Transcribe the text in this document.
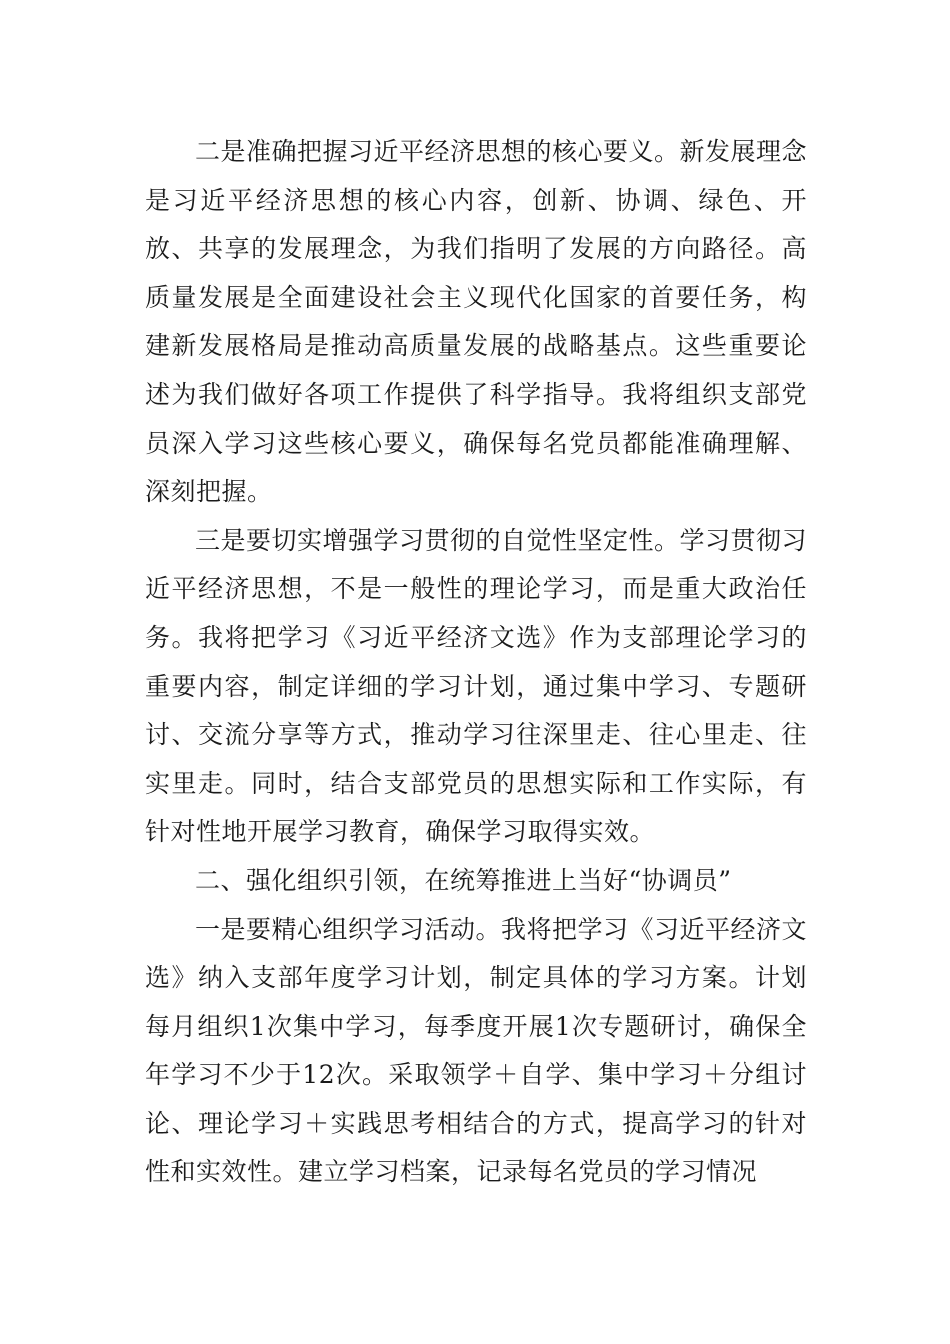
二是准确把握习近平经济思想的核心要义。新发展理念是习近平经济思想的核心内容，创新、协调、绿色、开放、共享的发展理念，为我们指明了发展的方向路径。高质量发展是全面建设社会主义现代化国家的首要任务，构建新发展格局是推动高质量发展的战略基点。这些重要论述为我们做好各项工作提供了科学指导。我将组织支部党员深入学习这些核心要义，确保每名党员都能准确理解、深刻把握。

三是要切实增强学习贯彻的自觉性坚定性。学习贯彻习近平经济思想，不是一般性的理论学习，而是重大政治任务。我将把学习《习近平经济文选》作为支部理论学习的重要内容，制定详细的学习计划，通过集中学习、专题研讨、交流分享等方式，推动学习往深里走、往心里走、往实里走。同时，结合支部党员的思想实际和工作实际，有针对性地开展学习教育，确保学习取得实效。

二、强化组织引领，在统筹推进上当好“协调员”

一是要精心组织学习活动。我将把学习《习近平经济文选》纳入支部年度学习计划，制定具体的学习方案。计划每月组织1次集中学习，每季度开展1次专题研讨，确保全年学习不少于12次。采取领学＋自学、集中学习＋分组讨论、理论学习＋实践思考相结合的方式，提高学习的针对性和实效性。建立学习档案，记录每名党员的学习情况
